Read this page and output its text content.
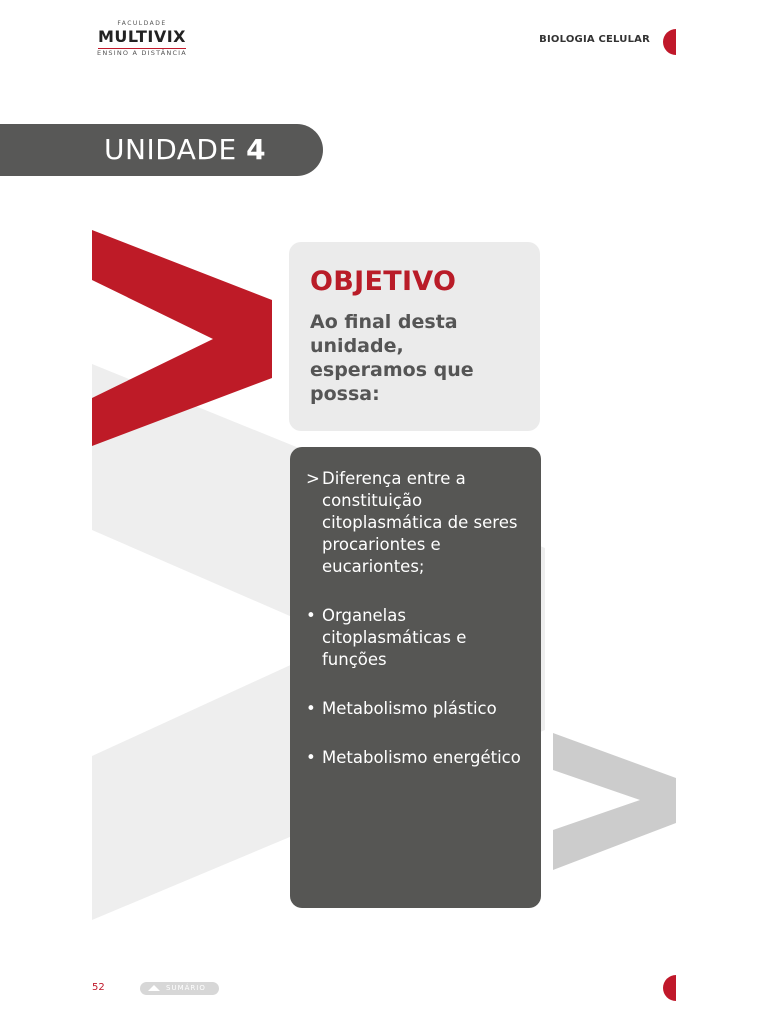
FACULDADE
MULTIVIX
ENSINO A DISTÂNCIA
BIOLOGIA CELULAR
UNIDADE 4
OBJETIVO
Ao final desta unidade, esperamos que possa:
> Diferença entre a constituição citoplasmática de seres procariontes e eucariontes;
• Organelas citoplasmáticas e funções
• Metabolismo plástico
• Metabolismo energético
52	SUMÁRIO
